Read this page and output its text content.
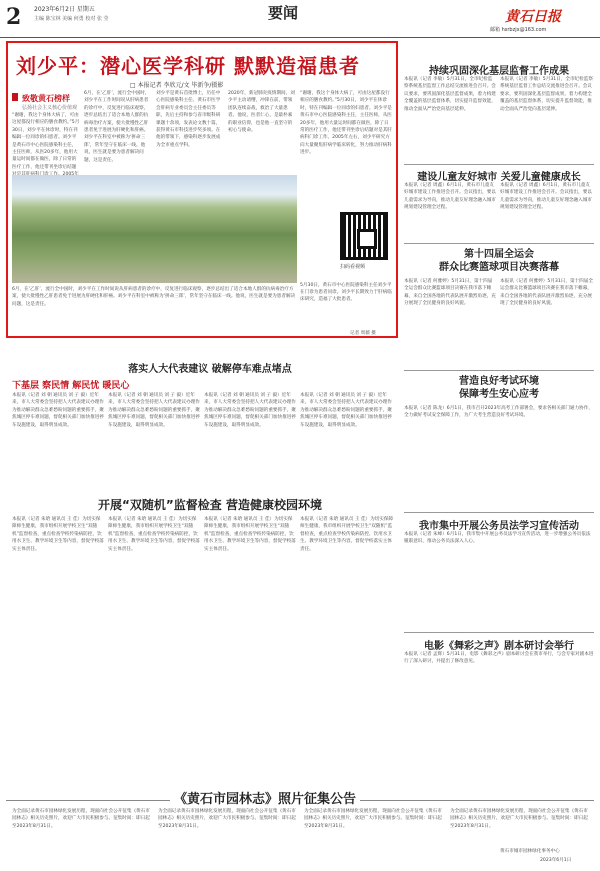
2 2023年6月2日 星期五
主编 陈宝林 美编 何勇 校对 张 莹	要闻	黄石日报
邮箱 hsrbzjx@163.com
刘少平：潜心医学科研 默默造福患者
□ 本报记者 李欣元/文 毕新争/摄影
致敬黄石榜样
弘扬社会主义核心价值观
“谢谢，我这个身体大病了，可由这屋都没行相应的膳食教约。”5月30日，刘少平在休诊时，特在刊编辑一位同诊的妇患者。刘少平是黄石市中心医院感染科主任，主任医师，从医20多年，他用大量运时间都在做医，除了日常的医疗工作，他还带刊坐诊后结题
6月，在‘乙肝’，流行全中国时，刘少平在工作时间说从肝病患者的诊疗中，反复进行临床观察，逐步总结出了适合本地人群的抗病毒治疗方案，使大批慢性乙肝患者免于进展为肝硬化和肝癌。刘少平在科室中被称为‘拼命三郎’，常年坚守在临床一线。他说，医生就是要为患者解决问题，这是责任。
刘少平是黄石首批博士，历任中心医院感染科主任、黄石市医学会肝病专业委员会主任委员等职，先后主持和参与省市级科研课题十余项，发表论文数十篇，获得黄石市科技进步奖多项。在他的带领下，感染科逐步发展成为全市重点学科。
2020年，新冠肺炎疫情期间，刘少平主动请缨，冲锋在前，带领团队连续奋战，救治了大量患者。他说，医者仁心，是最朴素的职业信仰，也是他一直坚守的初心与使命。
“谢谢，我这个身体大病了，可由这屋都没行相应的膳食教约。”5月30日，刘少平在休诊时，特在刊编辑一位同诊的妇患者。刘少平是黄石市中心医院感染科主任，主任医师，从医20多年，他用大量运时间都在做医，除了日常的医疗工作，他还带刊坐诊后结题对是其肝病科门诊工作。2005年左右，刘少平研究方向大量聚焦肝病学临床转化，努力推动肝病科进步。
扫码看视频
6月，在‘乙肝’，流行全中国时，刘少平在工作时间说从肝病患者的诊疗中，反复进行临床观察，逐步总结出了适合本地人群的抗病毒治疗方案，使大批慢性乙肝患者免于进展为肝硬化和肝癌。刘少平在科室中被称为‘拼命三郎’，常年坚守在临床一线。他说，医生就是要为患者解决问题，这是责任。
5月30日，黄石市中心医院感染科主任刘少平在门诊为患者问诊。刘少平长期致力于肝病临床研究，造福了大批患者。
记者 周薇 摄
持续巩固深化基层监督工作成果
本报讯（记者 李敏）5月31日，全市纪检监察系统基层监督工作总结交流推进会召开。会议要求，要巩固深化基层监督成果，着力构建全覆盖的基层监督体系，切实提升监督效能，推动全面从严治党向基层延伸。
本报讯（记者 李敏）5月31日，全市纪检监察系统基层监督工作总结交流推进会召开。会议要求，要巩固深化基层监督成果，着力构建全覆盖的基层监督体系，切实提升监督效能，推动全面从严治党向基层延伸。
建设儿童友好城市 关爱儿童健康成长
本报讯（记者 周鑫）6月1日，黄石市儿童友好城市建设工作推进会召开。会议指出，要以儿童需求为导向，推动儿童友好理念融入城市规划建设管理全过程。
本报讯（记者 周鑫）6月1日，黄石市儿童友好城市建设工作推进会召开。会议指出，要以儿童需求为导向，推动儿童友好理念融入城市规划建设管理全过程。
第十四届全运会
群众比赛篮球项目决赛落幕
本报讯（记者 何雅婷）5月31日，第十四届全运会群众比赛篮球项目决赛在我市落下帷幕，来自全国各地的代表队展开激烈角逐，充分展现了全民健身的良好风貌。
本报讯（记者 何雅婷）5月31日，第十四届全运会群众比赛篮球项目决赛在我市落下帷幕，来自全国各地的代表队展开激烈角逐，充分展现了全民健身的良好风貌。
营造良好考试环境
保障考生安心应考
本报讯（记者 陈龙）6月1日，我市召开2023年高考工作部署会，要求各相关部门通力协作，全力做好考试安全保障工作，为广大考生营造良好考试环境。
我市集中开展公务员法学习宣传活动
本报讯（记者 朱峰）6月1日，我市集中开展公务员法学习宣传活动，进一步增强公务员依法履职意识，推动公务员法深入人心。
电影《舞彩之声》剧本研讨会举行
本报讯（记者 孟辉）5月31日，电影《舞彩之声》剧本研讨会在我市举行，与会专家对剧本进行了深入研讨，并提出了修改意见。
落实人大代表建议 破解停车难点堵点
下基层 察民情 解民忧 暖民心
本报讯（记者 刘 朝 通讯员 刘 子 毅）近年来，市人大常委会坚持把人大代表建议办理作为推动解决群众急难愁盼问题的重要抓手，聚焦城区停车难问题，督促相关部门加快推进停车设施建设，取得明显成效。
本报讯（记者 刘 朝 通讯员 刘 子 毅）近年来，市人大常委会坚持把人大代表建议办理作为推动解决群众急难愁盼问题的重要抓手，聚焦城区停车难问题，督促相关部门加快推进停车设施建设，取得明显成效。
本报讯（记者 刘 朝 通讯员 刘 子 毅）近年来，市人大常委会坚持把人大代表建议办理作为推动解决群众急难愁盼问题的重要抓手，聚焦城区停车难问题，督促相关部门加快推进停车设施建设，取得明显成效。
本报讯（记者 刘 朝 通讯员 刘 子 毅）近年来，市人大常委会坚持把人大代表建议办理作为推动解决群众急难愁盼问题的重要抓手，聚焦城区停车难问题，督促相关部门加快推进停车设施建设，取得明显成效。
开展“双随机”监督检查 营造健康校园环境
本报讯（记者 朱晗 通讯员 王 佳）为切实保障师生健康，我市组织开展学校卫生“双随机”监督检查，重点检查学校传染病防控、饮用水卫生、教学环境卫生等内容，督促学校落实主体责任。
本报讯（记者 朱晗 通讯员 王 佳）为切实保障师生健康，我市组织开展学校卫生“双随机”监督检查，重点检查学校传染病防控、饮用水卫生、教学环境卫生等内容，督促学校落实主体责任。
本报讯（记者 朱晗 通讯员 王 佳）为切实保障师生健康，我市组织开展学校卫生“双随机”监督检查，重点检查学校传染病防控、饮用水卫生、教学环境卫生等内容，督促学校落实主体责任。
本报讯（记者 朱晗 通讯员 王 佳）为切实保障师生健康，我市组织开展学校卫生“双随机”监督检查，重点检查学校传染病防控、饮用水卫生、教学环境卫生等内容，督促学校落实主体责任。
《黄石市园林志》照片征集公告
为全面记录黄石市园林绿化发展历程，现面向社会公开征集《黄石市园林志》相关历史照片，欢迎广大市民积极参与。征集时间：即日起至2023年8月31日。
为全面记录黄石市园林绿化发展历程，现面向社会公开征集《黄石市园林志》相关历史照片，欢迎广大市民积极参与。征集时间：即日起至2023年8月31日。
为全面记录黄石市园林绿化发展历程，现面向社会公开征集《黄石市园林志》相关历史照片，欢迎广大市民积极参与。征集时间：即日起至2023年8月31日。
为全面记录黄石市园林绿化发展历程，现面向社会公开征集《黄石市园林志》相关历史照片，欢迎广大市民积极参与。征集时间：即日起至2023年8月31日。
黄石市城市园林绿化事务中心
2023年6月1日
